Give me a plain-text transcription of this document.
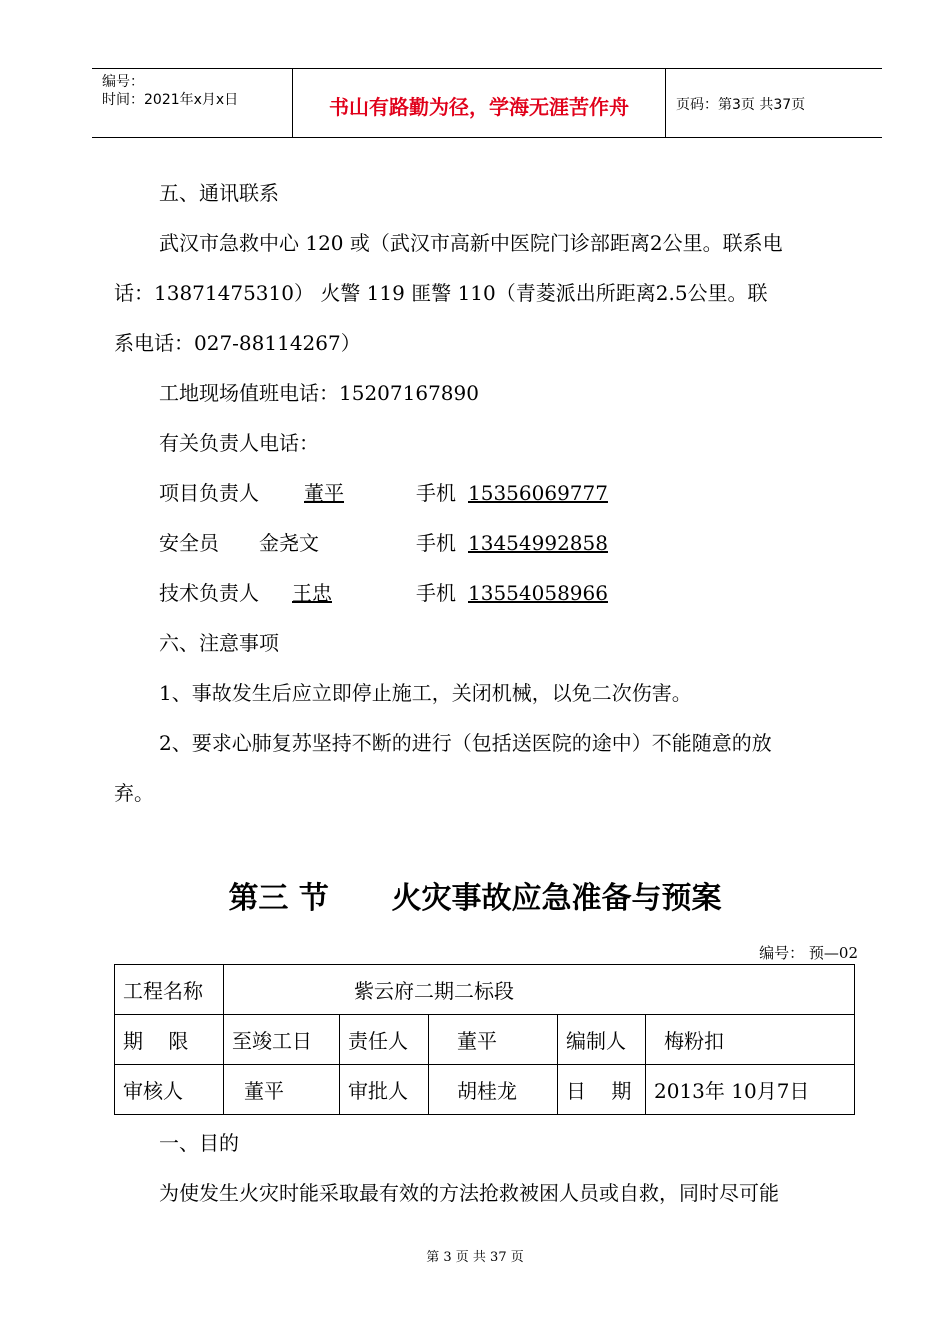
编号：
时间：2021年x月x日	书山有路勤为径，学海无涯苦作舟	页码：第3页 共37页
五、通讯联系
武汉市急救中心 120 或（武汉市高新中医院门诊部距离2公里。联系电
话：13871475310） 火警 119 匪警 110（青菱派出所距离2.5公里。联
系电话：027-88114267）
工地现场值班电话：15207167890
有关负责人电话：
项目负责人	董平	手机 15356069777
安全员 金尧文	手机 13454992858
技术负责人 王忠	手机 13554058966
六、注意事项
1、事故发生后应立即停止施工，关闭机械，以免二次伤害。
2、要求心肺复苏坚持不断的进行（包括送医院的途中）不能随意的放
弃。
第三 节      火灾事故应急准备与预案
编号： 预—02
工程名称	紫云府二期二标段				
期    限	至竣工日	责任人	董平	编制人	梅粉扣
审核人	董平	审批人	胡桂龙	日    期	2013年 10月7日
一、目的
为使发生火灾时能采取最有效的方法抢救被困人员或自救，同时尽可能
第 3 页 共 37 页
